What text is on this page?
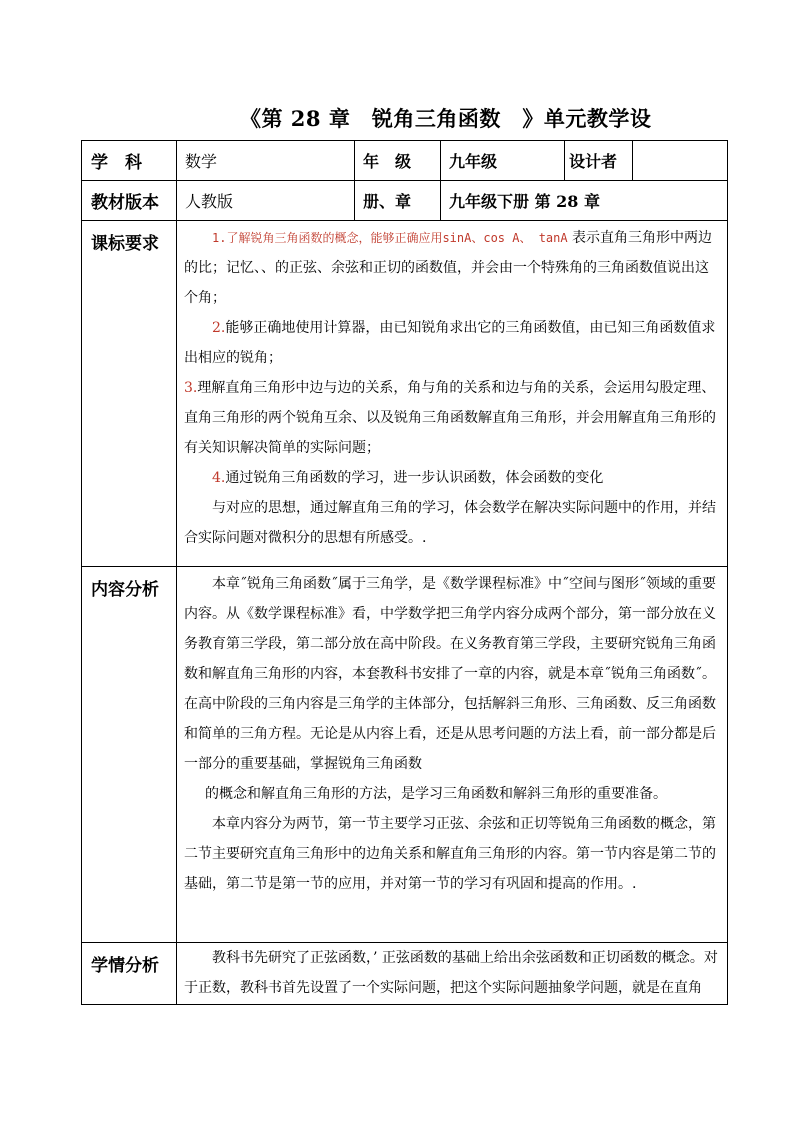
《第 28 章　锐角三角函数　》单元教学设
学　科	数学	年　级	九年级	设计者	
教材版本	人教版	册、章	九年级下册 第 28 章		
课标要求	1.了解锐角三角函数的概念，能够正确应用sinA、cos A、 tanA 表示直角三角形中两边的比；记忆、、的正弦、余弦和正切的函数值，并会由一个特殊角的三角函数值说出这个角；

2.能够正确地使用计算器，由已知锐角求出它的三角函数值，由已知三角函数值求出相应的锐角；

3.理解直角三角形中边与边的关系，角与角的关系和边与角的关系，会运用勾股定理、直角三角形的两个锐角互余、以及锐角三角函数解直角三角形，并会用解直角三角形的有关知识解决简单的实际问题；

4.通过锐角三角函数的学习，进一步认识函数，体会函数的变化

与对应的思想，通过解直角三角的学习，体会数学在解决实际问题中的作用，并结合实际问题对微积分的思想有所感受。.				

内容分析	本章˝锐角三角函数˝属于三角学，是《数学课程标准》中˝空间与图形˝领域的重要内容。从《数学课程标准》看，中学数学把三角学内容分成两个部分，第一部分放在义务教育第三学段，第二部分放在高中阶段。在义务教育第三学段，主要研究锐角三角函数和解直角三角形的内容，本套教科书安排了一章的内容，就是本章˝锐角三角函数˝。在高中阶段的三角内容是三角学的主体部分，包括解斜三角形、三角函数、反三角函数和简单的三角方程。无论是从内容上看，还是从思考问题的方法上看，前一部分都是后一部分的重要基础，掌握锐角三角函数

的概念和解直角三角形的方法，是学习三角函数和解斜三角形的重要准备。

本章内容分为两节，第一节主要学习正弦、余弦和正切等锐角三角函数的概念，第二节主要研究直角三角形中的边角关系和解直角三角形的内容。第一节内容是第二节的基础，第二节是第一节的应用，并对第一节的学习有巩固和提高的作用。.				

学情分析	教科书先研究了正弦函数，’ 正弦函数的基础上给出余弦函数和正切函数的概念。对于正数，教科书首先设置了一个实际问题，把这个实际问题抽象学问题，就是在直角				
